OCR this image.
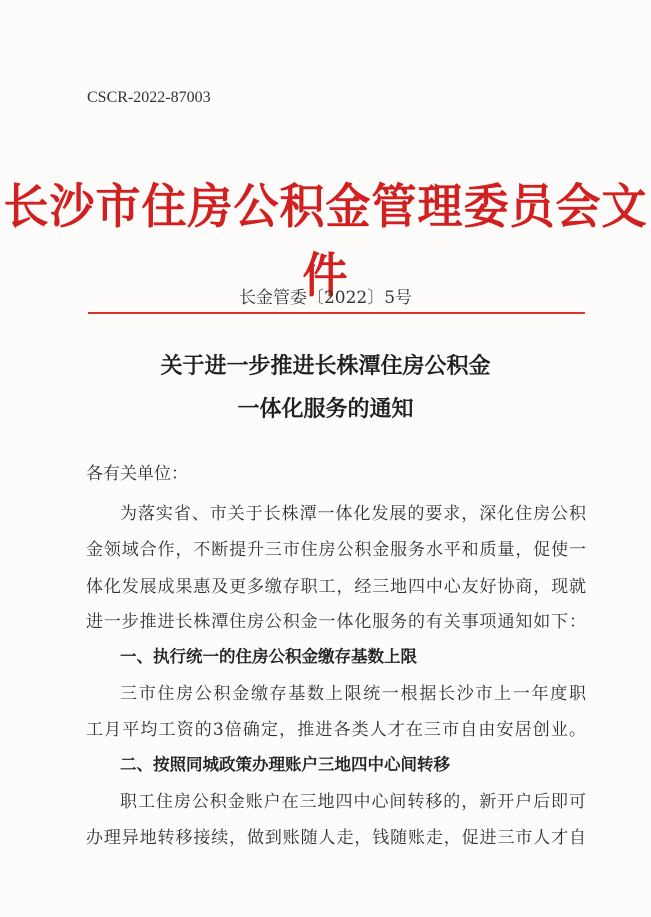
CSCR-2022-87003
长沙市住房公积金管理委员会文件
长金管委〔2022〕5号
关于进一步推进长株潭住房公积金
一体化服务的通知
各有关单位：
为落实省、市关于长株潭一体化发展的要求，深化住房公积
金领域合作，不断提升三市住房公积金服务水平和质量，促使一
体化发展成果惠及更多缴存职工，经三地四中心友好协商，现就
进一步推进长株潭住房公积金一体化服务的有关事项通知如下：
一、执行统一的住房公积金缴存基数上限
三市住房公积金缴存基数上限统一根据长沙市上一年度职
工月平均工资的3倍确定，推进各类人才在三市自由安居创业。
二、按照同城政策办理账户三地四中心间转移
职工住房公积金账户在三地四中心间转移的，新开户后即可
办理异地转移接续，做到账随人走，钱随账走，促进三市人才自
